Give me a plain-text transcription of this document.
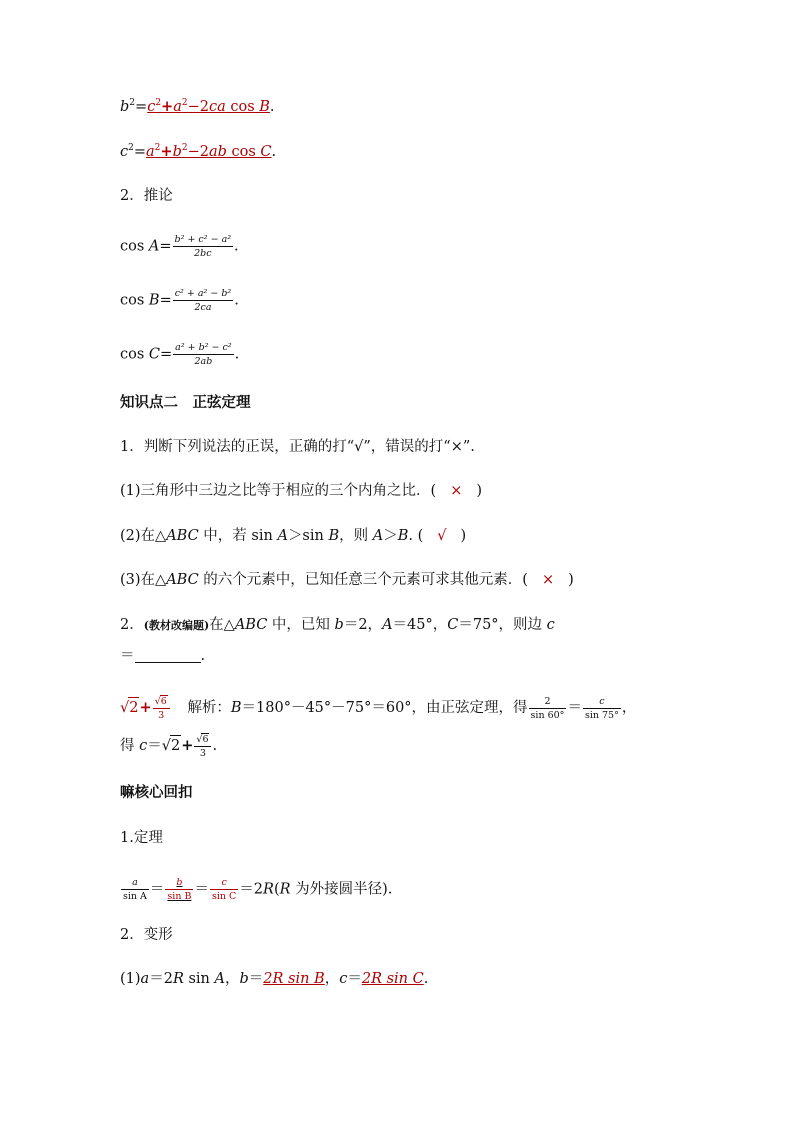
$b^2=c^2+a^2-2ca$ cos B.
$c^2=a^2+b^2-2ab$ cos C.
2．推论
$\cos A= \frac{\text{b² + c² − a²}}{2bc}$ .
$\cos B= \frac{\text{c² + a² − b²}}{2ca}$ .
$\cos C= \frac{\text{a² + b² − c²}}{2ab}$ .
知识点二　正弦定理
1．判断下列说法的正误，正确的打“√”，错误的打“×”.
(1)三角形中三边之比等于相应的三个内角之比．( × )
(2)在△ABC 中，若 sin A＞sin B，则 A＞B. ( √ )
(3)在△ABC 的六个元素中，已知任意三个元素可求其他元素．( × )
2．(教材改编题)在△ABC 中，已知 b＝2，A＝45°，C＝75°，则边 c
＝	.
$√2+ \frac{√6}{3}$ 解析：B＝180°－45°－75°＝60°，由正弦定理，得 $\frac{2}{\sin 60^\circ} = \frac{c}{\sin 75^\circ}$ ，
得 $c=√2+ \frac{√6}{3}$ .
嘛核心回扣
1.定理
$\frac{a}{\text{sin A}} = \frac{b}{\text{sin B}} = \frac{c}{\text{sin C}} =2R(R$ 为外接圆半径).
2．变形
(1)a＝2R sin A，b＝2R sin B，c＝2R sin C.
